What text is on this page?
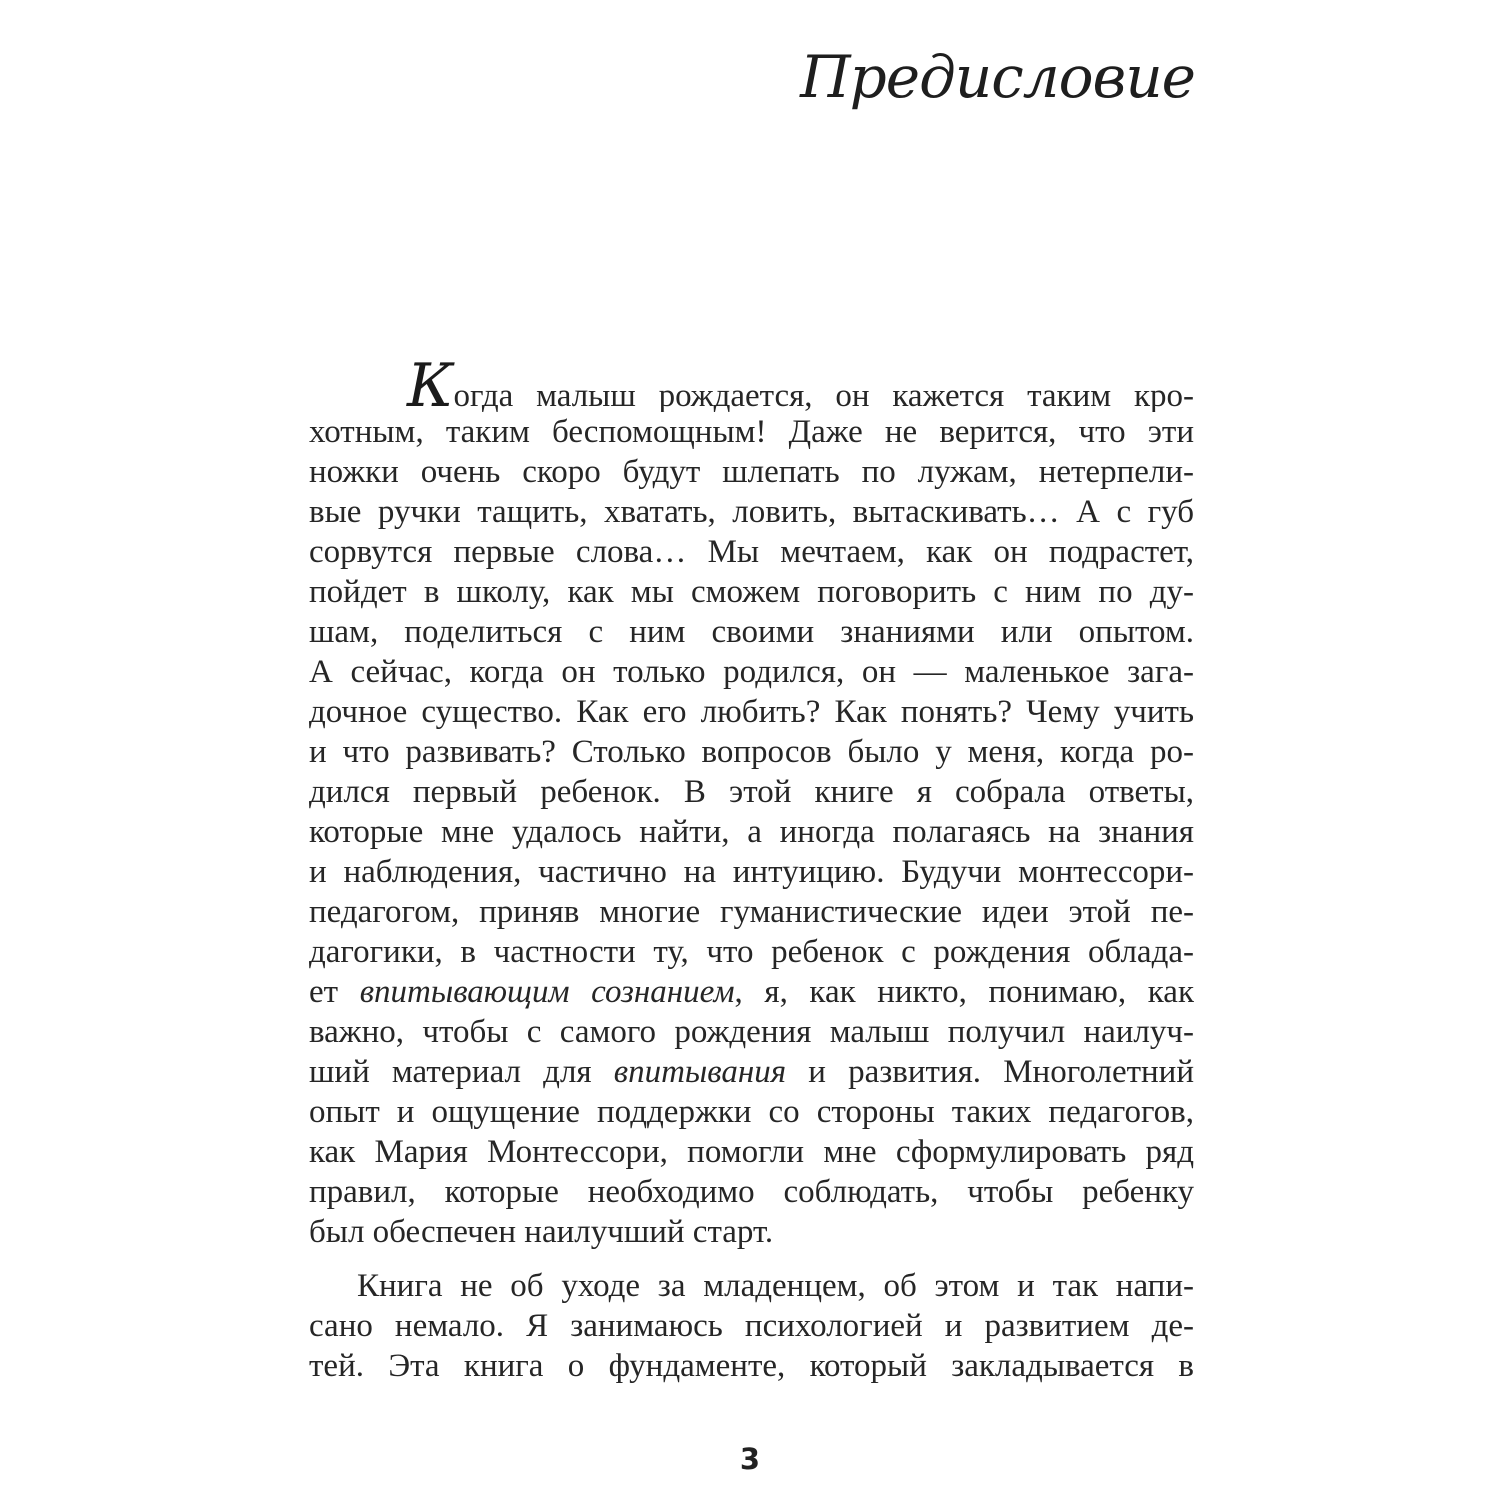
Предисловие
Когда малыш рождается, он кажется таким кро-
хотным, таким беспомощным! Даже не верится, что эти
ножки очень скоро будут шлепать по лужам, нетерпели-
вые ручки тащить, хватать, ловить, вытаскивать… А с губ
сорвутся первые слова… Мы мечтаем, как он подрастет,
пойдет в школу, как мы сможем поговорить с ним по ду-
шам, поделиться с ним своими знаниями или опытом.
А сейчас, когда он только родился, он — маленькое зага-
дочное существо. Как его любить? Как понять? Чему учить
и что развивать? Столько вопросов было у меня, когда ро-
дился первый ребенок. В этой книге я собрала ответы,
которые мне удалось найти, а иногда полагаясь на знания
и наблюдения, частично на интуицию. Будучи монтессори-
педагогом, приняв многие гуманистические идеи этой пе-
дагогики, в частности ту, что ребенок с рождения облада-
ет впитывающим сознанием, я, как никто, понимаю, как
важно, чтобы с самого рождения малыш получил наилуч-
ший материал для впитывания и развития. Многолетний
опыт и ощущение поддержки со стороны таких педагогов,
как Мария Монтессори, помогли мне сформулировать ряд
правил, которые необходимо соблюдать, чтобы ребенку
был обеспечен наилучший старт.
Книга не об уходе за младенцем, об этом и так напи-
сано немало. Я занимаюсь психологией и развитием де-
тей. Эта книга о фундаменте, который закладывается в
3
